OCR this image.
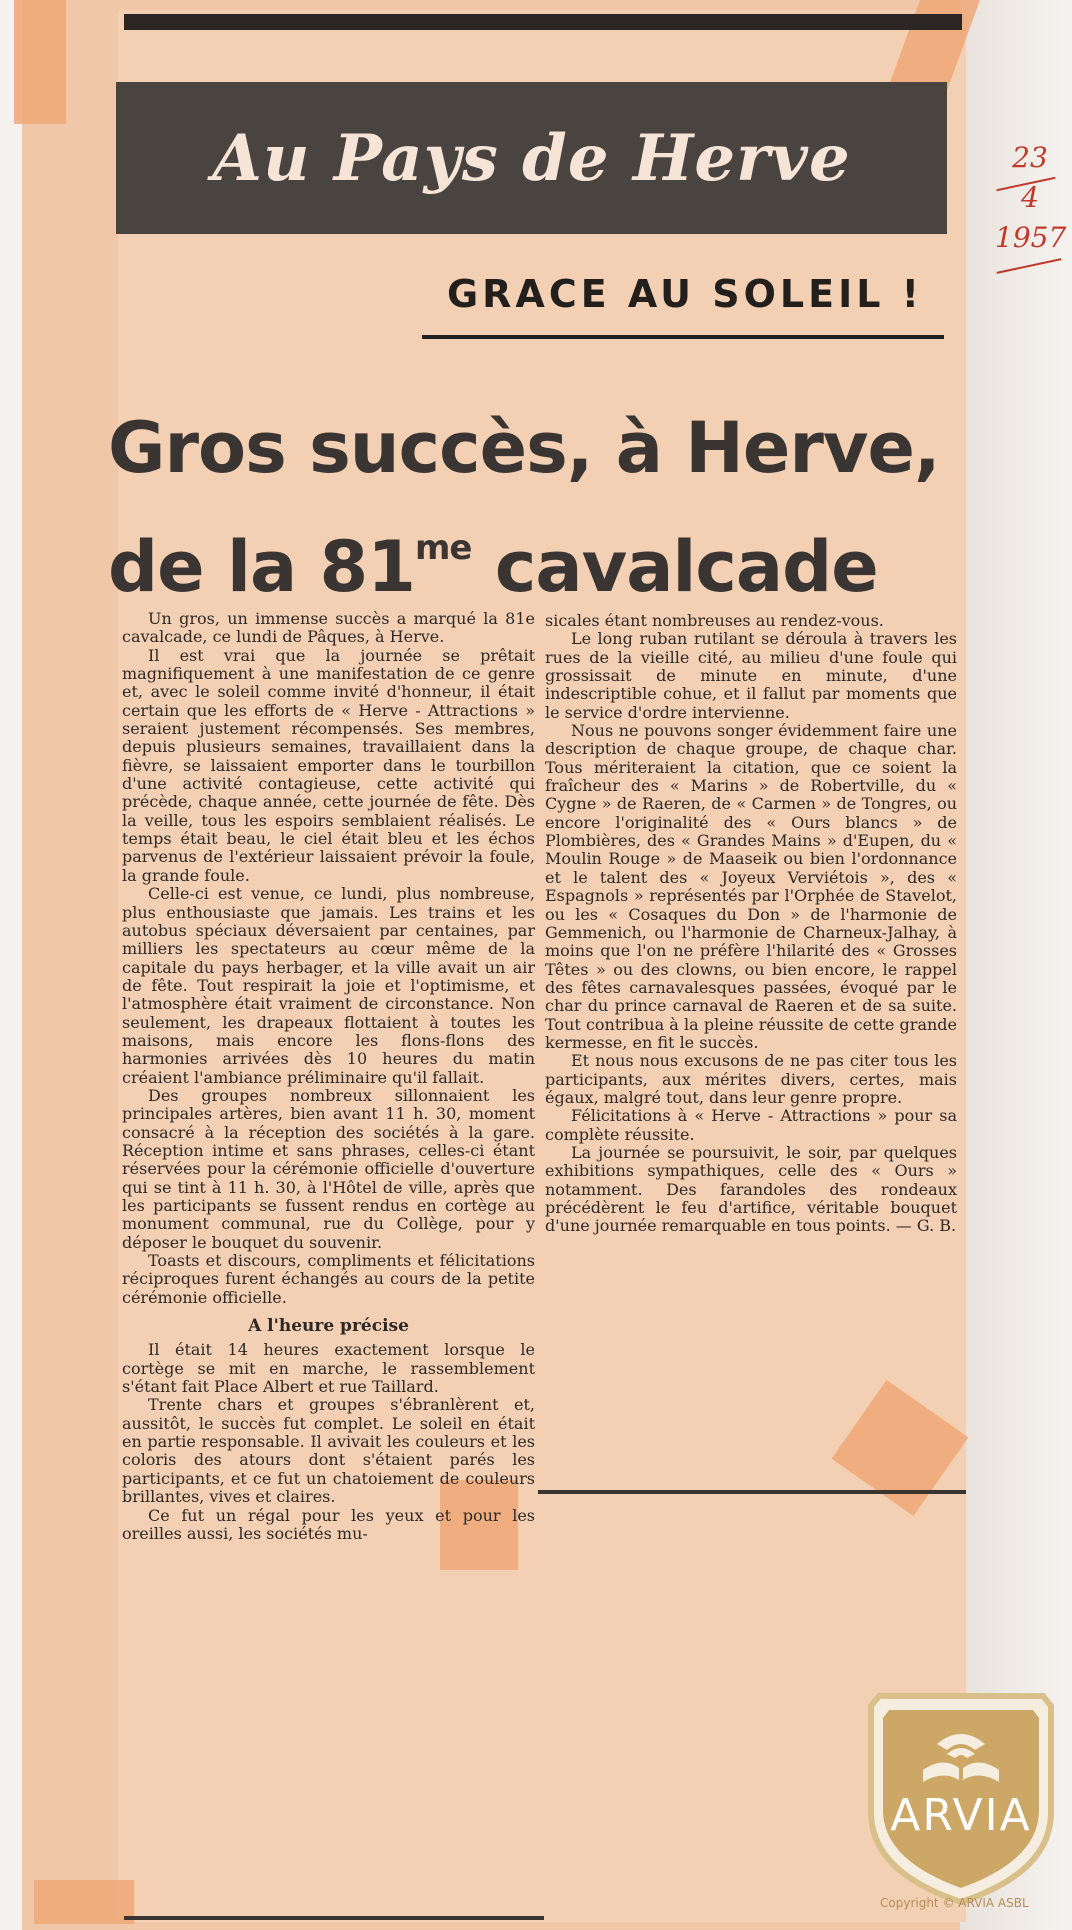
Au Pays de Herve
GRACE AU SOLEIL !
Gros succès, à Herve,
de la $81^{me}$ cavalcade

Un gros, un immense succès a marqué la 81e cavalcade, ce lundi de Pâques, à Herve.

Il est vrai que la journée se prêtait magnifiquement à une manifestation de ce genre et, avec le soleil comme invité d'honneur, il était certain que les efforts de « Herve - Attractions » seraient justement récompensés. Ses membres, depuis plusieurs semaines, travaillaient dans la fièvre, se laissaient emporter dans le tourbillon d'une activité contagieuse, cette activité qui précède, chaque année, cette journée de fête. Dès la veille, tous les espoirs semblaient réalisés. Le temps était beau, le ciel était bleu et les échos parvenus de l'extérieur laissaient prévoir la foule, la grande foule.

Celle-ci est venue, ce lundi, plus nombreuse, plus enthousiaste que jamais. Les trains et les autobus spéciaux déversaient par centaines, par milliers les spectateurs au cœur même de la capitale du pays herbager, et la ville avait un air de fête. Tout respirait la joie et l'optimisme, et l'atmosphère était vraiment de circonstance. Non seulement, les drapeaux flottaient à toutes les maisons, mais encore les flons-flons des harmonies arrivées dès 10 heures du matin créaient l'ambiance préliminaire qu'il fallait.

Des groupes nombreux sillonnaient les principales artères, bien avant 11 h. 30, moment consacré à la réception des sociétés à la gare. Réception intime et sans phrases, celles-ci étant réservées pour la cérémonie officielle d'ouverture qui se tint à 11 h. 30, à l'Hôtel de ville, après que les participants se fussent rendus en cortège au monument communal, rue du Collège, pour y déposer le bouquet du souvenir.

Toasts et discours, compliments et félicitations réciproques furent échangés au cours de la petite cérémonie officielle.

A l'heure précise

Il était 14 heures exactement lorsque le cortège se mit en marche, le rassemblement s'étant fait Place Albert et rue Taillard.

Trente chars et groupes s'ébranlèrent et, aussitôt, le succès fut complet. Le soleil en était en partie responsable. Il avivait les couleurs et les coloris des atours dont s'étaient parés les participants, et ce fut un chatoiement de couleurs brillantes, vives et claires.

Ce fut un régal pour les yeux et pour les oreilles aussi, les sociétés mu-

sicales étant nombreuses au rendez-vous.

Le long ruban rutilant se déroula à travers les rues de la vieille cité, au milieu d'une foule qui grossissait de minute en minute, d'une indescriptible cohue, et il fallut par moments que le service d'ordre intervienne.

Nous ne pouvons songer évidemment faire une description de chaque groupe, de chaque char. Tous mériteraient la citation, que ce soient la fraîcheur des « Marins » de Robertville, du « Cygne » de Raeren, de « Carmen » de Tongres, ou encore l'originalité des « Ours blancs » de Plombières, des « Grandes Mains » d'Eupen, du « Moulin Rouge » de Maaseik ou bien l'ordonnance et le talent des « Joyeux Verviétois », des « Espagnols » représentés par l'Orphée de Stavelot, ou les « Cosaques du Don » de l'harmonie de Gemmenich, ou l'harmonie de Charneux-Jalhay, à moins que l'on ne préfère l'hilarité des « Grosses Têtes » ou des clowns, ou bien encore, le rappel des fêtes carnavalesques passées, évoqué par le char du prince carnaval de Raeren et de sa suite. Tout contribua à la pleine réussite de cette grande kermesse, en fit le succès.

Et nous nous excusons de ne pas citer tous les participants, aux mérites divers, certes, mais égaux, malgré tout, dans leur genre propre.

Félicitations à « Herve - Attractions » pour sa complète réussite.

La journée se poursuivit, le soir, par quelques exhibitions sympathiques, celle des « Ours » notamment. Des farandoles des rondeaux précédèrent le feu d'artifice, véritable bouquet d'une journée remarquable en tous points. — G. B.

23
4
1957
ARVIA
Copyright © ARVIA ASBL
